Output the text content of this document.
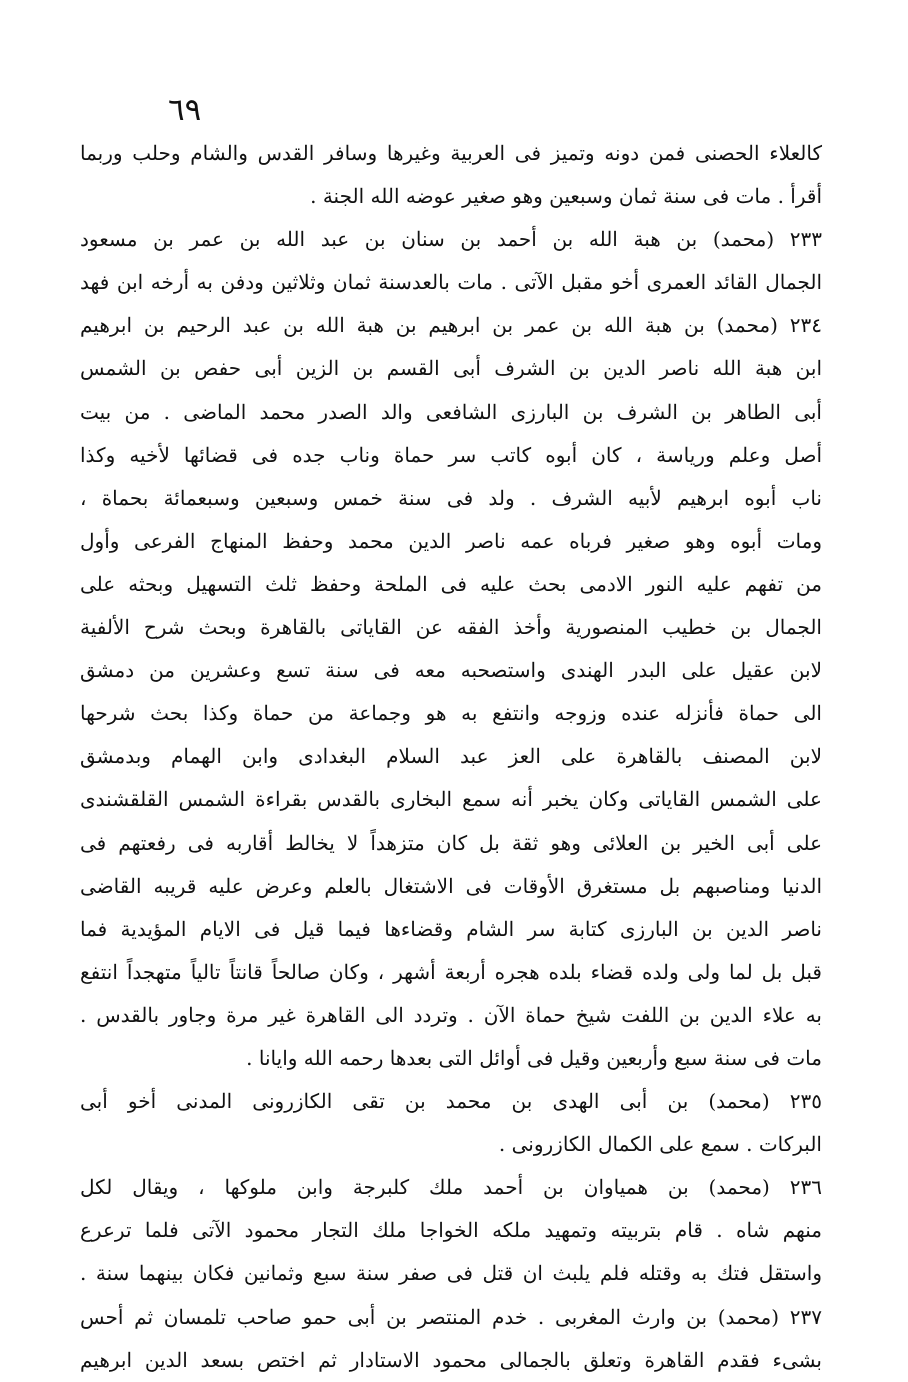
٦٩
كالعلاء الحصنى فمن دونه وتميز فى العربية وغيرها وسافر القدس والشام وحلب وربما
أقرأ . مات فى سنة ثمان وسبعين وهو صغير عوضه الله الجنة .
٢٣٣ (محمد) بن هبة الله بن أحمد بن سنان بن عبد الله بن عمر بن مسعود
الجمال القائد العمرى أخو مقبل الآتى . مات بالعدسنة ثمان وثلاثين ودفن به أرخه ابن فهد
٢٣٤ (محمد) بن هبة الله بن عمر بن ابرهيم بن هبة الله بن عبد الرحيم بن ابرهيم
ابن هبة الله ناصر الدين بن الشرف أبى القسم بن الزين أبى حفص بن الشمس
أبى الطاهر بن الشرف بن البارزى الشافعى والد الصدر محمد الماضى . من بيت
أصل وعلم ورياسة ، كان أبوه كاتب سر حماة وناب جده فى قضائها لأخيه وكذا
ناب أبوه ابرهيم لأبيه الشرف . ولد فى سنة خمس وسبعين وسبعمائة بحماة ،
ومات أبوه وهو صغير فرباه عمه ناصر الدين محمد وحفظ المنهاج الفرعى وأول
من تفهم عليه النور الادمى بحث عليه فى الملحة وحفظ ثلث التسهيل وبحثه على
الجمال بن خطيب المنصورية وأخذ الفقه عن القاياتى بالقاهرة وبحث شرح الألفية
لابن عقيل على البدر الهندى واستصحبه معه فى سنة تسع وعشرين من دمشق
الى حماة فأنزله عنده وزوجه وانتفع به هو وجماعة من حماة وكذا بحث شرحها
لابن المصنف بالقاهرة على العز عبد السلام البغدادى وابن الهمام وبدمشق
على الشمس القاياتى وكان يخبر أنه سمع البخارى بالقدس بقراءة الشمس القلقشندى
على أبى الخير بن العلائى وهو ثقة بل كان متزهداً لا يخالط أقاربه فى رفعتهم فى
الدنيا ومناصبهم بل مستغرق الأوقات فى الاشتغال بالعلم وعرض عليه قريبه القاضى
ناصر الدين بن البارزى كتابة سر الشام وقضاءها فيما قيل فى الايام المؤيدية فما
قبل بل لما ولى ولده قضاء بلده هجره أربعة أشهر ، وكان صالحاً قانتاً تالياً متهجداً انتفع
به علاء الدين بن اللفت شيخ حماة الآن . وتردد الى القاهرة غير مرة وجاور بالقدس .
مات فى سنة سبع وأربعين وقيل فى أوائل التى بعدها رحمه الله وايانا .
٢٣٥ (محمد) بن أبى الهدى بن محمد بن تقى الكازرونى المدنى أخو أبى
البركات . سمع على الكمال الكازرونى .
٢٣٦ (محمد) بن همياوان بن أحمد ملك كلبرجة وابن ملوكها ، ويقال لكل
منهم شاه . قام بتربيته وتمهيد ملكه الخواجا ملك التجار محمود الآتى فلما ترعرع
واستقل فتك به وقتله فلم يلبث ان قتل فى صفر سنة سبع وثمانين فكان بينهما سنة .
٢٣٧ (محمد) بن وارث المغربى . خدم المنتصر بن أبى حمو صاحب تلمسان ثم أحس
بشىء فقدم القاهرة وتعلق بالجمالى محمود الاستادار ثم اختص بسعد الدين ابرهيم
